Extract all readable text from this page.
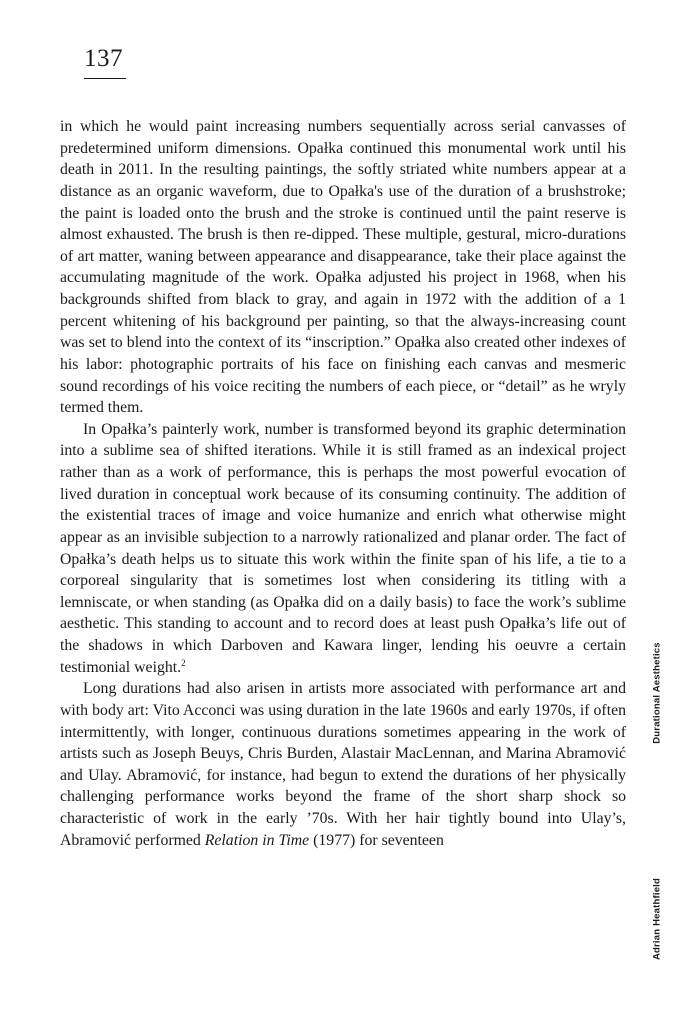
137

in which he would paint increasing numbers sequentially across serial canvasses of predetermined uniform dimensions. Opałka continued this monumental work until his death in 2011. In the resulting paintings, the softly striated white numbers appear at a distance as an organic waveform, due to Opałka's use of the duration of a brushstroke; the paint is loaded onto the brush and the stroke is continued until the paint reserve is almost exhausted. The brush is then re-dipped. These multiple, gestural, micro-durations of art matter, waning between appearance and disappearance, take their place against the accumulating magnitude of the work. Opałka adjusted his project in 1968, when his backgrounds shifted from black to gray, and again in 1972 with the addition of a 1 percent whitening of his background per painting, so that the always-increasing count was set to blend into the context of its “inscription.” Opałka also created other indexes of his labor: photographic portraits of his face on finishing each canvas and mesmeric sound recordings of his voice reciting the numbers of each piece, or “detail” as he wryly termed them.

In Opałka’s painterly work, number is transformed beyond its graphic determination into a sublime sea of shifted iterations. While it is still framed as an indexical project rather than as a work of performance, this is perhaps the most powerful evocation of lived duration in conceptual work because of its consuming continuity. The addition of the existential traces of image and voice humanize and enrich what otherwise might appear as an invisible subjection to a narrowly rationalized and planar order. The fact of Opałka’s death helps us to situate this work within the finite span of his life, a tie to a corporeal singularity that is sometimes lost when considering its titling with a lemniscate, or when standing (as Opałka did on a daily basis) to face the work’s sublime aesthetic. This standing to account and to record does at least push Opałka’s life out of the shadows in which Darboven and Kawara linger, lending his oeuvre a certain testimonial weight.$^2$

Long durations had also arisen in artists more associated with performance art and with body art: Vito Acconci was using duration in the late 1960s and early 1970s, if often intermittently, with longer, continuous durations sometimes appearing in the work of artists such as Joseph Beuys, Chris Burden, Alastair MacLennan, and Marina Abramović and Ulay. Abramović, for instance, had begun to extend the durations of her physically challenging performance works beyond the frame of the short sharp shock so characteristic of work in the early ’70s. With her hair tightly bound into Ulay’s, Abramović performed Relation in Time (1977) for seventeen

Durational Aesthetics
Adrian Heathfield
